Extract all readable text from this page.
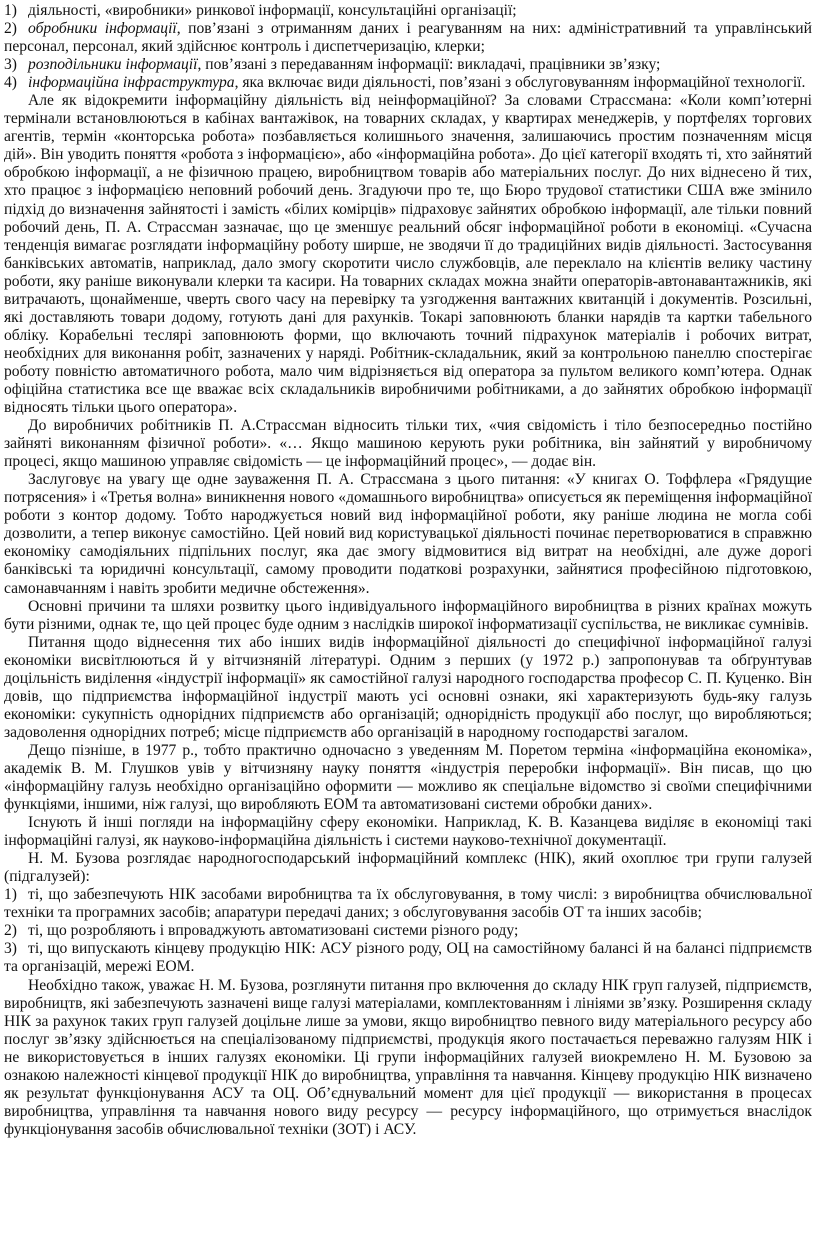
1) діяльності, «виробники» ринкової інформації, консультаційні організації;

2) обробники інформації, пов’язані з отриманням даних і реагуванням на них: адміністративний та управлінський персонал, персонал, який здійснює контроль і диспетчеризацію, клерки;

3) розподільники інформації, пов’язані з передаванням інформації: викладачі, працівники зв’язку;

4) інформаційна інфраструктура, яка включає види діяльності, пов’язані з обслуговуванням інформаційної технології.

Але як відокремити інформаційну діяльність від неінформаційної? За словами Страссмана: «Коли комп’ютерні термінали встановлюються в кабінах вантажівок, на товарних складах, у квартирах менеджерів, у портфелях торгових агентів, термін «конторська робота» позбавляється колишнього значення, залишаючись простим позначенням місця дій». Він уводить поняття «робота з інформацією», або «інформаційна робота». До цієї категорії входять ті, хто зайнятий обробкою інформації, а не фізичною працею, виробництвом товарів або матеріальних послуг. До них віднесено й тих, хто працює з інформацією неповний робочий день. Згадуючи про те, що Бюро трудової статистики США вже змінило підхід до визначення зайнятості і замість «білих комірців» підраховує зайнятих обробкою інформації, але тільки повний робочий день, П. А. Страссман зазначає, що це зменшує реальний обсяг інформаційної роботи в економіці. «Сучасна тенденція вимагає розглядати інформаційну роботу ширше, не зводячи її до традиційних видів діяльності. Застосування банківських автоматів, наприклад, дало змогу скоротити число службовців, але переклало на клієнтів велику частину роботи, яку раніше виконували клерки та касири. На товарних складах можна знайти операторів-автонавантажників, які витрачають, щонайменше, чверть свого часу на перевірку та узгодження вантажних квитанцій і документів. Розсильні, які доставляють товари додому, готують дані для рахунків. Токарі заповнюють бланки нарядів та картки табельного обліку. Корабельні теслярі заповнюють форми, що включають точний підрахунок матеріалів і робочих витрат, необхідних для виконання робіт, зазначених у наряді. Робітник-складальник, який за контрольною панеллю спостерігає роботу повністю автоматичного робота, мало чим відрізняється від оператора за пультом великого комп’ютера. Однак офіційна статистика все ще вважає всіх складальників виробничими робітниками, а до зайнятих обробкою інформації відносять тільки цього оператора».

До виробничих робітників П. А.Страссман відносить тільки тих, «чия свідомість і тіло безпосередньо постійно зайняті виконанням фізичної роботи». «… Якщо машиною керують руки робітника, він зайнятий у виробничому процесі, якщо машиною управляє свідомість — це інформаційний процес», — додає він.

Заслуговує на увагу ще одне зауваження П. А. Страссмана з цього питання: «У книгах О. Тоффлера «Грядущие потрясения» і «Третья волна» виникнення нового «домашнього виробництва» описується як переміщення інформаційної роботи з контор додому. Тобто народжується новий вид інформаційної роботи, яку раніше людина не могла собі дозволити, а тепер виконує самостійно. Цей новий вид користувацької діяльності починає перетворюватися в справжню економіку самодіяльних підпільних послуг, яка дає змогу відмовитися від витрат на необхідні, але дуже дорогі банківські та юридичні консультації, самому проводити податкові розрахунки, зайнятися професійною підготовкою, самонавчанням і навіть зробити медичне обстеження».

Основні причини та шляхи розвитку цього індивідуального інформаційного виробництва в різних країнах можуть бути різними, однак те, що цей процес буде одним з наслідків широкої інформатизації суспільства, не викликає сумнівів.

Питання щодо віднесення тих або інших видів інформаційної діяльності до специфічної інформаційної галузі економіки висвітлюються й у вітчизняній літературі. Одним з перших (у 1972 р.) запропонував та обґрунтував доцільність виділення «індустрії інформації» як самостійної галузі народного господарства професор С. П. Куценко. Він довів, що підприємства інформаційної індустрії мають усі основні ознаки, які характеризують будь-яку галузь економіки: сукупність однорідних підприємств або організацій; однорідність продукції або послуг, що виробляються; задоволення однорідних потреб; місце підприємств або організацій в народному господарстві загалом.

Дещо пізніше, в 1977 р., тобто практично одночасно з уведенням М. Поретом терміна «інформаційна економіка», академік В. М. Глушков увів у вітчизняну науку поняття «індустрія переробки інформації». Він писав, що цю «інформаційну галузь необхідно організаційно оформити — можливо як спеціальне відомство зі своїми специфічними функціями, іншими, ніж галузі, що виробляють ЕОМ та автоматизовані системи обробки даних».

Існують й інші погляди на інформаційну сферу економіки. Наприклад, К. В. Казанцева виділяє в економіці такі інформаційні галузі, як науково-інформаційна діяльність і системи науково-технічної документації.

Н. М. Бузова розглядає народногосподарський інформаційний комплекс (НІК), який охоплює три групи галузей (підгалузей):

1) ті, що забезпечують НІК засобами виробництва та їх обслуговування, в тому числі: з виробництва обчислювальної техніки та програмних засобів; апаратури передачі даних; з обслуговування засобів ОТ та інших засобів;

2) ті, що розробляють і впроваджують автоматизовані системи різного роду;

3) ті, що випускають кінцеву продукцію НІК: АСУ різного роду, ОЦ на самостійному балансі й на балансі підприємств та організацій, мережі ЕОМ.

Необхідно також, уважає Н. М. Бузова, розглянути питання про включення до складу НІК груп галузей, підприємств, виробництв, які забезпечують зазначені вище галузі матеріалами, комплектованням і лініями зв’язку. Розширення складу НІК за рахунок таких груп галузей доцільне лише за умови, якщо виробництво певного виду матеріального ресурсу або послуг зв’язку здійснюється на спеціалізованому підприємстві, продукція якого постачається переважно галузям НІК і не використовується в інших галузях економіки. Ці групи інформаційних галузей виокремлено Н. М. Бузовою за ознакою належності кінцевої продукції НІК до виробництва, управління та навчання. Кінцеву продукцію НІК визначено як результат функціонування АСУ та ОЦ. Об’єднувальний момент для цієї продукції — використання в процесах виробництва, управління та навчання нового виду ресурсу — ресурсу інформаційного, що отримується внаслідок функціонування засобів обчислювальної техніки (ЗОТ) і АСУ.
